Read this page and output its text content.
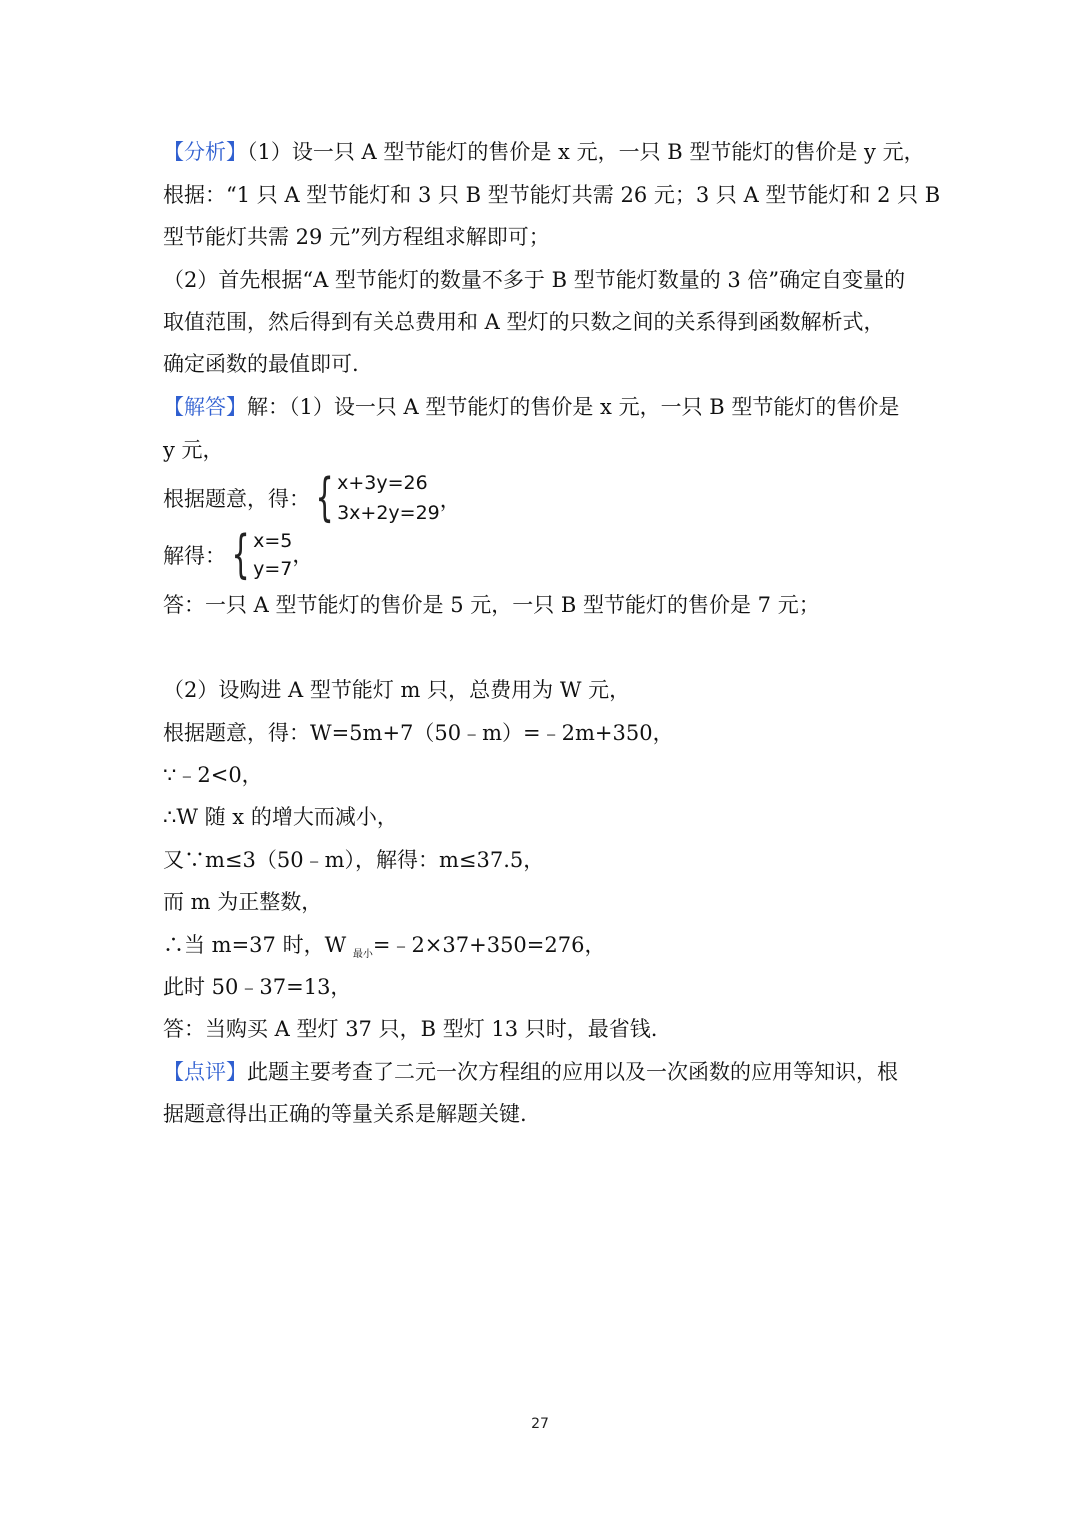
【分析】（1）设一只 A 型节能灯的售价是 x 元，一只 B 型节能灯的售价是 y 元，
根据：“1 只 A 型节能灯和 3 只 B 型节能灯共需 26 元；3 只 A 型节能灯和 2 只 B
型节能灯共需 29 元”列方程组求解即可；
（2）首先根据“A 型节能灯的数量不多于 B 型节能灯数量的 3 倍”确定自变量的
取值范围，然后得到有关总费用和 A 型灯的只数之间的关系得到函数解析式，
确定函数的最值即可.
【解答】解：（1）设一只 A 型节能灯的售价是 x 元，一只 B 型节能灯的售价是
y 元，
根据题意，得： { x+3y=26
3x+2y=29
，
解得： { x=5
y=7
，
答：一只 A 型节能灯的售价是 5 元，一只 B 型节能灯的售价是 7 元；
（2）设购进 A 型节能灯 m 只，总费用为 W 元，
根据题意，得：W=5m+7（50﹣m）=﹣2m+350，
∵﹣2<0，
∴W 随 x 的增大而减小，
又∵m≤3（50﹣m），解得：m≤37.5，
而 m 为正整数，
∴当 m=37 时，W $_{最小}$=﹣2×37+350=276，
此时 50﹣37=13，
答：当购买 A 型灯 37 只，B 型灯 13 只时，最省钱.
【点评】此题主要考查了二元一次方程组的应用以及一次函数的应用等知识，根
据题意得出正确的等量关系是解题关键.
27
